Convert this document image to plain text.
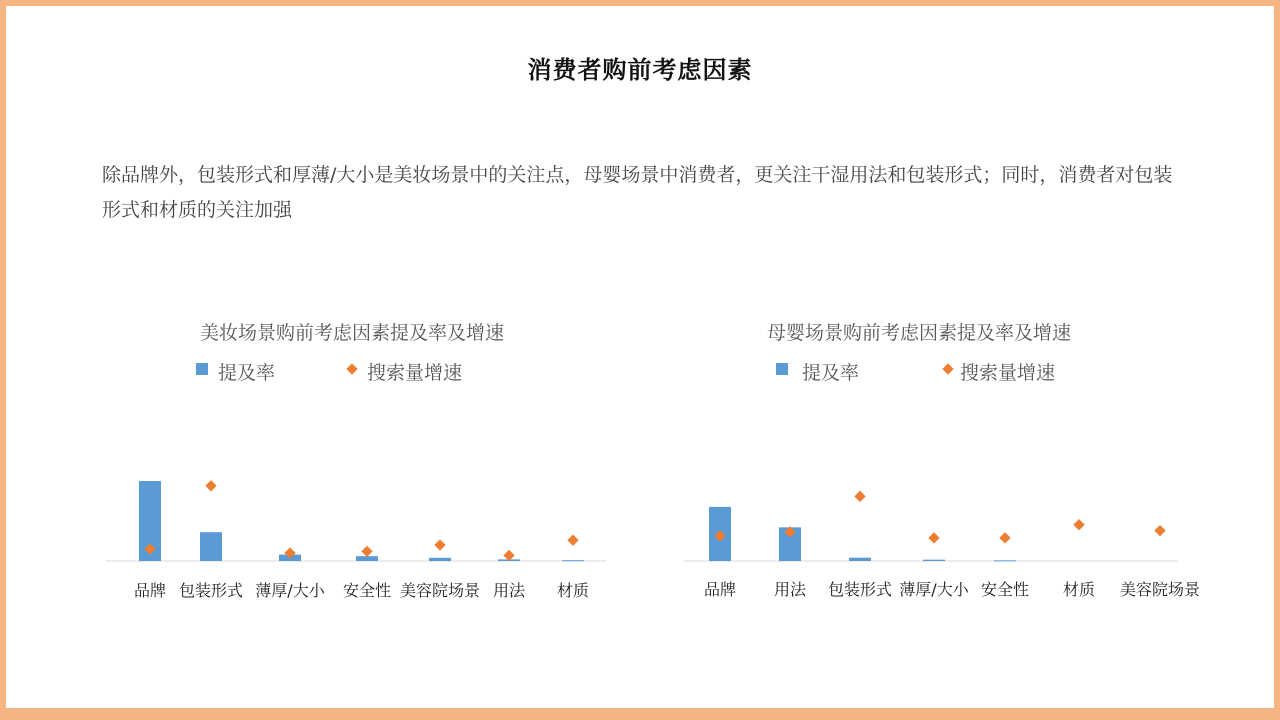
消费者购前考虑因素
除品牌外，包装形式和厚薄/大小是美妆场景中的关注点，母婴场景中消费者，更关注干湿用法和包装形式；同时，消费者对包装形式和材质的关注加强
美妆场景购前考虑因素提及率及增速
提及率	搜索量增速
品牌 包装形式 薄厚/大小 安全性 美容院场景 用法 材质
母婴场景购前考虑因素提及率及增速
提及率	搜索量增速
品牌 用法 包装形式 薄厚/大小 安全性 材质 美容院场景
